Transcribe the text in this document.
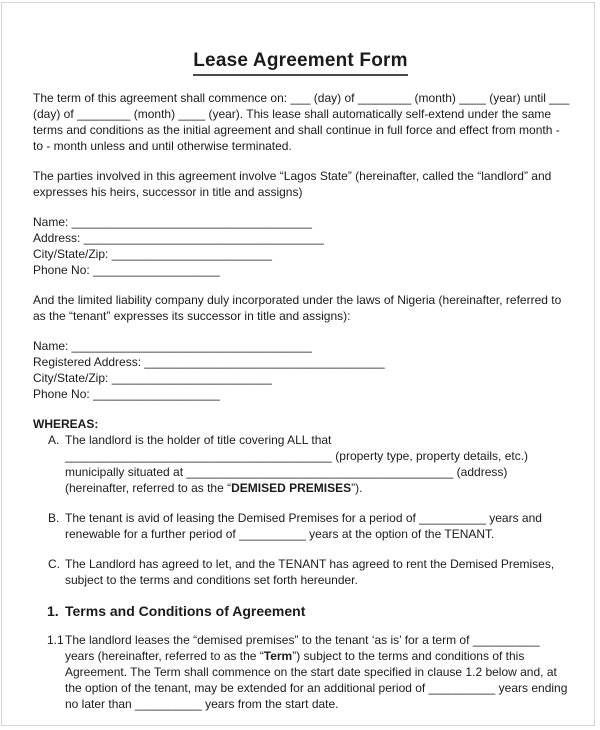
Lease Agreement Form
The term of this agreement shall commence on: ___ (day) of ________ (month) ____ (year) until ___
(day) of ________ (month) ____ (year). This lease shall automatically self-extend under the same
terms and conditions as the initial agreement and shall continue in full force and effect from month -
to - month unless and until otherwise terminated.
The parties involved in this agreement involve “Lagos State” (hereinafter, called the “landlord” and
expresses his heirs, successor in title and assigns)
Name: ____________________________________
Address: ____________________________________
City/State/Zip: ________________________
Phone No: ___________________
And the limited liability company duly incorporated under the laws of Nigeria (hereinafter, referred to
as the “tenant” expresses its successor in title and assigns):
Name: ____________________________________
Registered Address: ____________________________________
City/State/Zip: ________________________
Phone No: ___________________
WHEREAS:
A. The landlord is the holder of title covering ALL that
________________________________________ (property type, property details, etc.)
municipally situated at ________________________________________ (address)
(hereinafter, referred to as the “DEMISED PREMISES”).
B. The tenant is avid of leasing the Demised Premises for a period of __________ years and
renewable for a further period of __________ years at the option of the TENANT.
C. The Landlord has agreed to let, and the TENANT has agreed to rent the Demised Premises,
subject to the terms and conditions set forth hereunder.
1. Terms and Conditions of Agreement
1.1 The landlord leases the “demised premises” to the tenant ‘as is’ for a term of __________
years (hereinafter, referred to as the “Term”) subject to the terms and conditions of this
Agreement. The Term shall commence on the start date specified in clause 1.2 below and, at
the option of the tenant, may be extended for an additional period of __________ years ending
no later than __________ years from the start date.
